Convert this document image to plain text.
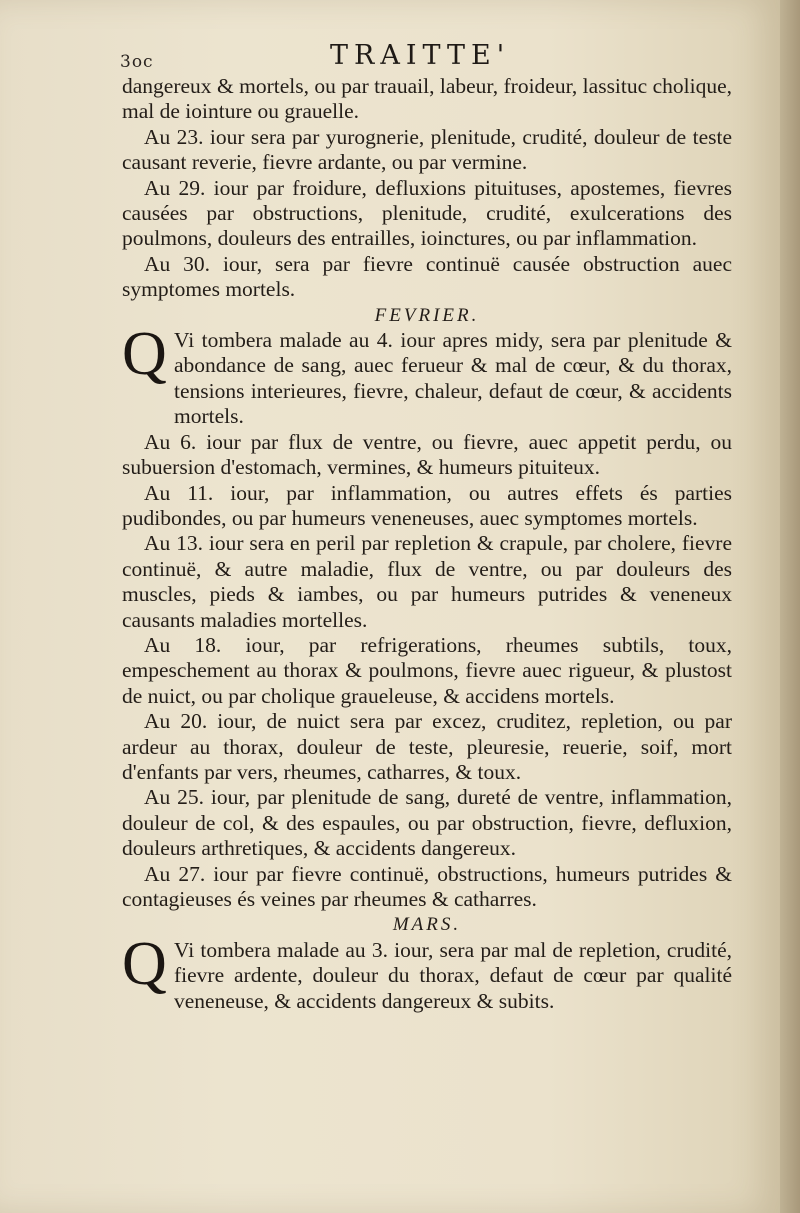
3oc	TRAITTE'

dangereux & mortels, ou par trauail, labeur, froideur, lassituc cholique, mal de iointure ou grauelle.

Au 23. iour sera par yurognerie, plenitude, crudité, douleur de teste causant reverie, fievre ardante, ou par vermine.

Au 29. iour par froidure, defluxions pituituses, apostemes, fievres causées par obstructions, plenitude, crudité, exulcerations des poulmons, douleurs des entrailles, ioinctures, ou par inflammation.

Au 30. iour, sera par fievre continuë causée obstruction auec symptomes mortels.

FEVRIER.

Q Vi tombera malade au 4. iour apres midy, sera par plenitude & abondance de sang, auec ferueur & mal de cœur, & du thorax, tensions interieures, fievre, chaleur, defaut de cœur, & accidents mortels.

Au 6. iour par flux de ventre, ou fievre, auec appetit perdu, ou subuersion d'estomach, vermines, & humeurs pituiteux.

Au 11. iour, par inflammation, ou autres effets és parties pudibondes, ou par humeurs veneneuses, auec symptomes mortels.

Au 13. iour sera en peril par repletion & crapule, par cholere, fievre continuë, & autre maladie, flux de ventre, ou par douleurs des muscles, pieds & iambes, ou par humeurs putrides & veneneux causants maladies mortelles.

Au 18. iour, par refrigerations, rheumes subtils, toux, empeschement au thorax & poulmons, fievre auec rigueur, & plustost de nuict, ou par cholique graueleuse, & accidens mortels.

Au 20. iour, de nuict sera par excez, cruditez, repletion, ou par ardeur au thorax, douleur de teste, pleuresie, reuerie, soif, mort d'enfants par vers, rheumes, catharres, & toux.

Au 25. iour, par plenitude de sang, dureté de ventre, inflammation, douleur de col, & des espaules, ou par obstruction, fievre, defluxion, douleurs arthretiques, & accidents dangereux.

Au 27. iour par fievre continuë, obstructions, humeurs putrides & contagieuses és veines par rheumes & catharres.

MARS.

Q Vi tombera malade au 3. iour, sera par mal de repletion, crudité, fievre ardente, douleur du thorax, defaut de cœur par qualité veneneuse, & accidents dangereux & subits.
